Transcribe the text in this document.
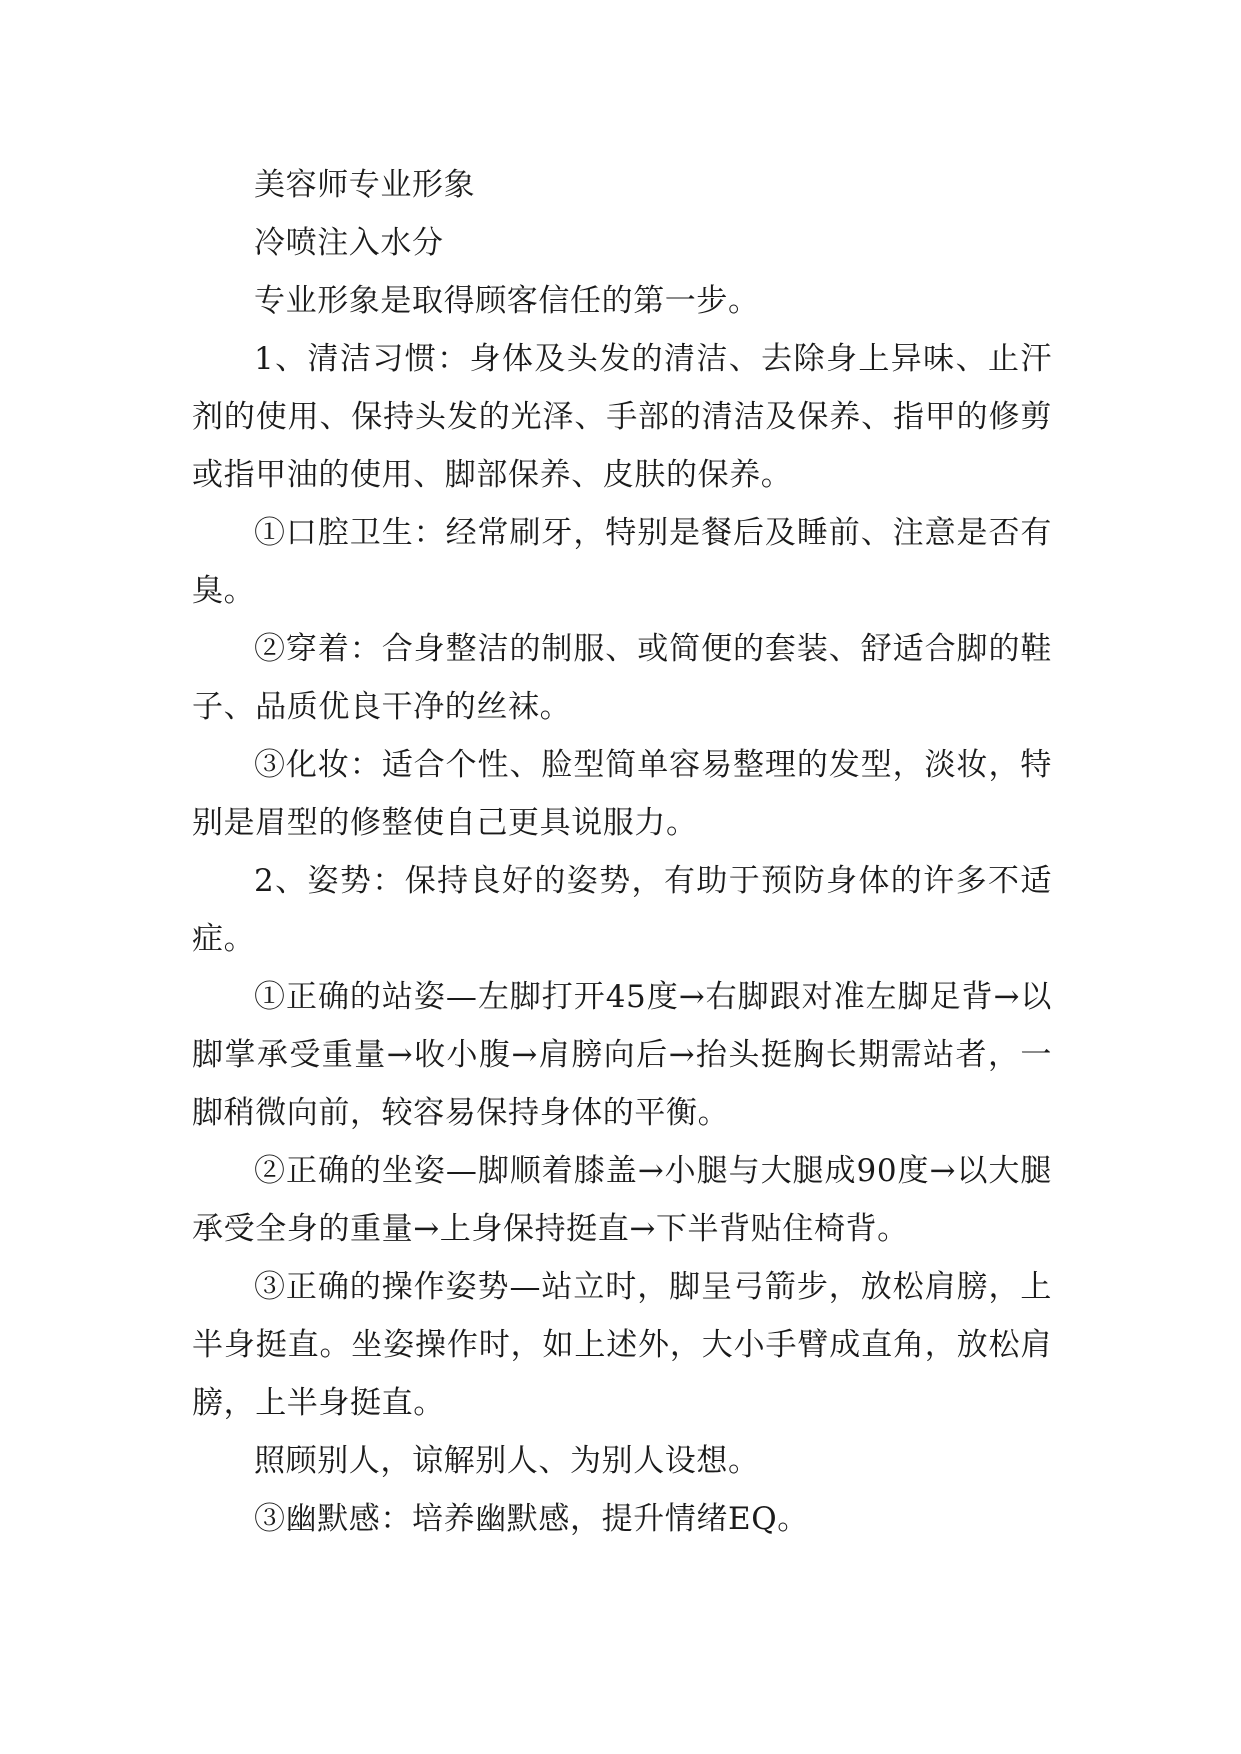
美容师专业形象

冷喷注入水分

专业形象是取得顾客信任的第一步。

1、清洁习惯：身体及头发的清洁、去除身上异味、止汗剂的使用、保持头发的光泽、手部的清洁及保养、指甲的修剪或指甲油的使用、脚部保养、皮肤的保养。

①口腔卫生：经常刷牙，特别是餐后及睡前、注意是否有臭。

②穿着：合身整洁的制服、或简便的套装、舒适合脚的鞋子、品质优良干净的丝袜。

③化妆：适合个性、脸型简单容易整理的发型，淡妆，特别是眉型的修整使自己更具说服力。

2、姿势：保持良好的姿势，有助于预防身体的许多不适症。

①正确的站姿—左脚打开45度→右脚跟对准左脚足背→以脚掌承受重量→收小腹→肩膀向后→抬头挺胸长期需站者，一脚稍微向前，较容易保持身体的平衡。

②正确的坐姿—脚顺着膝盖→小腿与大腿成90度→以大腿承受全身的重量→上身保持挺直→下半背贴住椅背。

③正确的操作姿势—站立时，脚呈弓箭步，放松肩膀，上半身挺直。坐姿操作时，如上述外，大小手臂成直角，放松肩膀，上半身挺直。

照顾别人，谅解别人、为别人设想。

③幽默感：培养幽默感，提升情绪EQ。
